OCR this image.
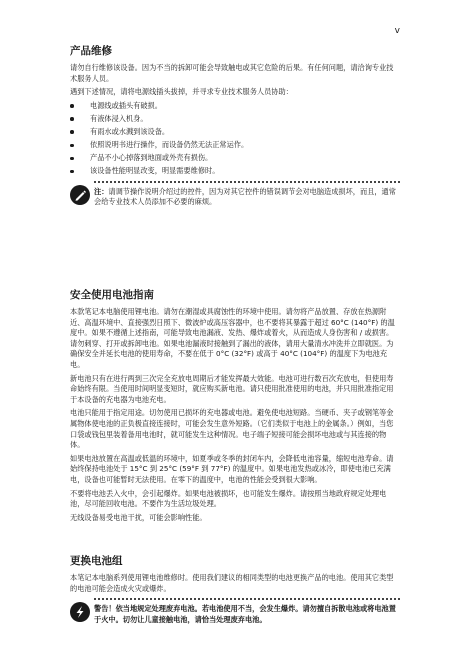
v
产品维修

请勿自行维修该设备。因为不当的拆卸可能会导致触电或其它危险的后果。有任何问题，请洽询专业技术服务人员。

遇到下述情况，请将电源线插头拔掉，并寻求专业技术服务人员协助：

电源线或插头有破损。
有液体浸入机身。
有雨水或水溅到该设备。
依照说明书进行操作，而设备仍然无法正常运作。
产品不小心掉落到地面或外壳有损伤。
该设备性能明显改变，明显需要维修时。

注：请调节操作说明介绍过的控件，因为对其它控件的错误调节会对电脑造成损坏，而且，通常会给专业技术人员添加不必要的麻烦。

安全使用电池指南

本款笔记本电脑使用锂电池。请勿在潮湿或具腐蚀性的环境中使用。请勿将产品放置、存放在热源附近、高温环境中、直接强烈日照下、微波炉或高压容器中，也不要将其暴露于超过 60°C (140°F) 的温度中。如果不遵循上述指南，可能导致电池漏液、发热、爆炸或着火，从而造成人身伤害和 / 或损害。请勿刺穿、打开或拆卸电池。如果电池漏液时接触到了漏出的液体，请用大量清水冲洗并立即就医。为确保安全并延长电池的使用寿命，不要在低于 0°C (32°F) 或高于 40°C (104°F) 的温度下为电池充电。

新电池只有在进行两到三次完全充放电周期后才能发挥最大效能。电池可进行数百次充放电，但使用寿命始终有限。当使用时间明显变短时，就应购买新电池。请只使用批准使用的电池，并只用批准指定用于本设备的充电器为电池充电。

电池只能用于指定用途。切勿使用已损坏的充电器或电池。避免使电池短路。当硬币、夹子或钢笔等金属物体使电池的正负极直接连接时，可能会发生意外短路。（它们类似于电池上的金属条。）例如，当您口袋或钱包里装着备用电池时，就可能发生这种情况。电子端子短接可能会损坏电池或与其连接的物体。

如果电池放置在高温或低温的环境中，如夏季或冬季的封闭车内，会降低电池容量，缩短电池寿命。请始终保持电池处于 15°C 到 25°C (59°F 到 77°F) 的温度中。如果电池发热或冰冷，即使电池已充满电，设备也可能暂时无法使用。在零下的温度中，电池的性能会受到很大影响。

不要将电池丢入火中，会引起爆炸。如果电池被损坏，也可能发生爆炸。请按照当地政府规定处理电池，尽可能回收电池。不要作为生活垃圾处理。

无线设备易受电池干扰，可能会影响性能。

更换电池组

本笔记本电脑系列使用锂电池维修时。使用我们建议的相同类型的电池更换产品的电池。使用其它类型的电池可能会造成火灾或爆炸。

警告！依当地规定处理废弃电池。若电池使用不当，会发生爆炸。请勿擅自拆散电池或将电池置于火中。切勿让儿童接触电池，请恰当处理废弃电池。
